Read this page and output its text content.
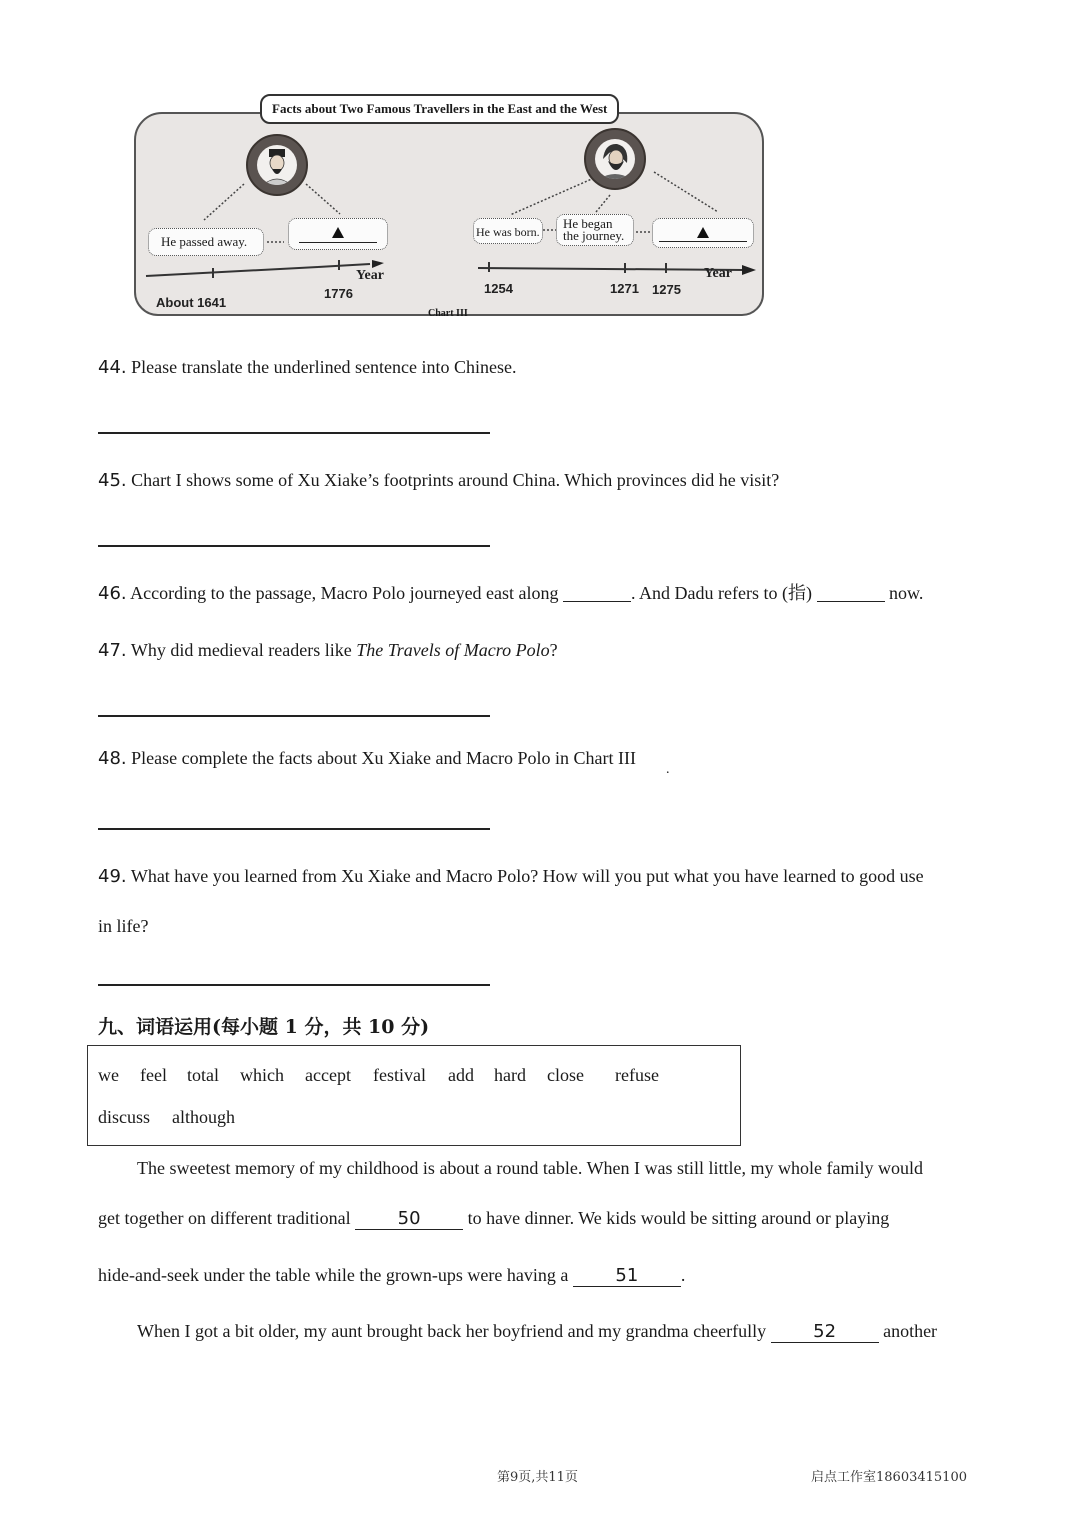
Facts about Two Famous Travellers in the East and the West
He passed away.
He was born.
He began
the journey.
Year	Year
About 1641
1776	1254	1271 1275
Chart III
44. Please translate the underlined sentence into Chinese.
45. Chart I shows some of Xu Xiake’s footprints around China. Which provinces did he visit?
46. According to the passage, Macro Polo journeyed east along	. And Dadu refers to (指)	now.
47. Why did medieval readers like The Travels of Macro Polo?
48. Please complete the facts about Xu Xiake and Macro Polo in Chart III
.
49. What have you learned from Xu Xiake and Macro Polo? How will you put what you have learned to good use
in life?
九、词语运用(每小题 1 分，共 10 分)
we feel total which accept festival add hard close refuse
discuss although
The sweetest memory of my childhood is about a round table. When I was still little, my whole family would
get together on different traditional	50	to have dinner. We kids would be sitting around or playing
hide-and-seek under the table while the grown-ups were having a	51 .
When I got a bit older, my aunt brought back her boyfriend and my grandma cheerfully	52	another
第9页,共11页	启点工作室18603415100
